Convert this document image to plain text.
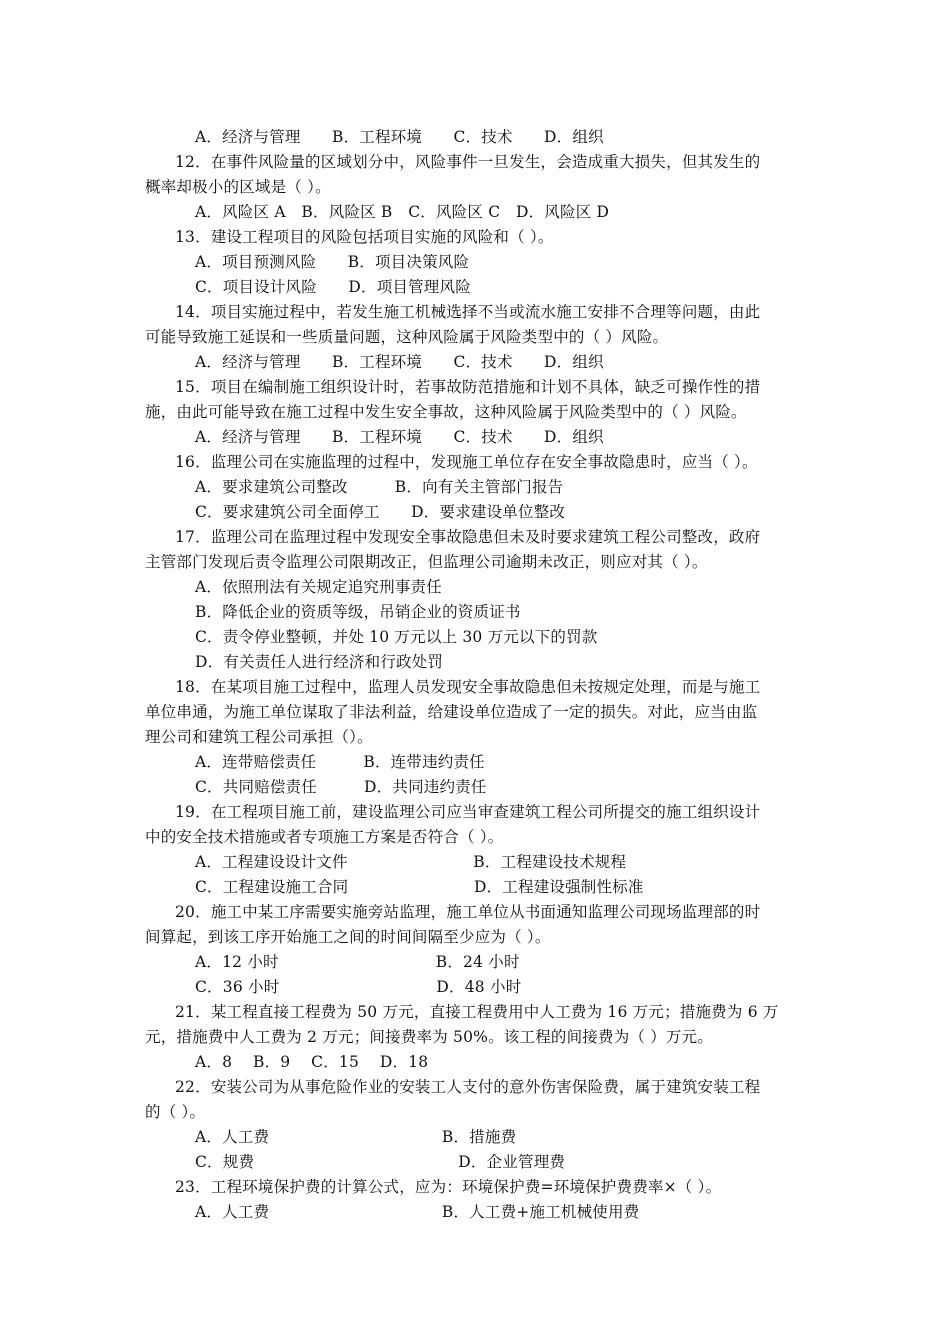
A．经济与管理　　B．工程环境　　C．技术　　D．组织
12．在事件风险量的区域划分中，风险事件一旦发生，会造成重大损失，但其发生的
概率却极小的区域是（ ）。
A．风险区 A　B．风险区 B　C．风险区 C　D．风险区 D
13．建设工程项目的风险包括项目实施的风险和（ ）。
A．项目预测风险　　B．项目决策风险
C．项目设计风险　　D．项目管理风险
14．项目实施过程中，若发生施工机械选择不当或流水施工安排不合理等问题，由此
可能导致施工延误和一些质量问题，这种风险属于风险类型中的（ ）风险。
A．经济与管理　　B．工程环境　　C．技术　　D．组织
15．项目在编制施工组织设计时，若事故防范措施和计划不具体，缺乏可操作性的措
施，由此可能导致在施工过程中发生安全事故，这种风险属于风险类型中的（ ）风险。
A．经济与管理　　B．工程环境　　C．技术　　D．组织
16．监理公司在实施监理的过程中，发现施工单位存在安全事故隐患时，应当（ ）。
A．要求建筑公司整改　　　B．向有关主管部门报告
C．要求建筑公司全面停工　　D．要求建设单位整改
17．监理公司在监理过程中发现安全事故隐患但未及时要求建筑工程公司整改，政府
主管部门发现后责令监理公司限期改正，但监理公司逾期未改正，则应对其（ ）。
A．依照刑法有关规定追究刑事责任
B．降低企业的资质等级，吊销企业的资质证书
C．责令停业整顿，并处 10 万元以上 30 万元以下的罚款
D．有关责任人进行经济和行政处罚
18．在某项目施工过程中，监理人员发现安全事故隐患但未按规定处理，而是与施工
单位串通，为施工单位谋取了非法利益，给建设单位造成了一定的损失。对此，应当由监
理公司和建筑工程公司承担（）。
A．连带赔偿责任　　　B．连带违约责任
C．共同赔偿责任　　　D．共同违约责任
19．在工程项目施工前，建设监理公司应当审查建筑工程公司所提交的施工组织设计
中的安全技术措施或者专项施工方案是否符合（ ）。
A．工程建设设计文件　　　　　　　　B．工程建设技术规程
C．工程建设施工合同　　　　　　　　D．工程建设强制性标准
20．施工中某工序需要实施旁站监理，施工单位从书面通知监理公司现场监理部的时
间算起，到该工序开始施工之间的时间间隔至少应为（ ）。
A．12 小时　　　　　　　　　　B．24 小时
C．36 小时　　　　　　　　　　D．48 小时
21．某工程直接工程费为 50 万元，直接工程费用中人工费为 16 万元；措施费为 6 万
元，措施费中人工费为 2 万元；间接费率为 50%。该工程的间接费为（ ）万元。
A．8　 B．9　 C．15　 D．18
22．安装公司为从事危险作业的安装工人支付的意外伤害保险费，属于建筑安装工程
的（ ）。
A．人工费　　　　　　　　　　　B．措施费
C．规费　　　　　　　　　　　　　D．企业管理费
23．工程环境保护费的计算公式，应为：环境保护费=环境保护费费率×（ ）。
A．人工费　　　　　　　　　　　B．人工费+施工机械使用费
